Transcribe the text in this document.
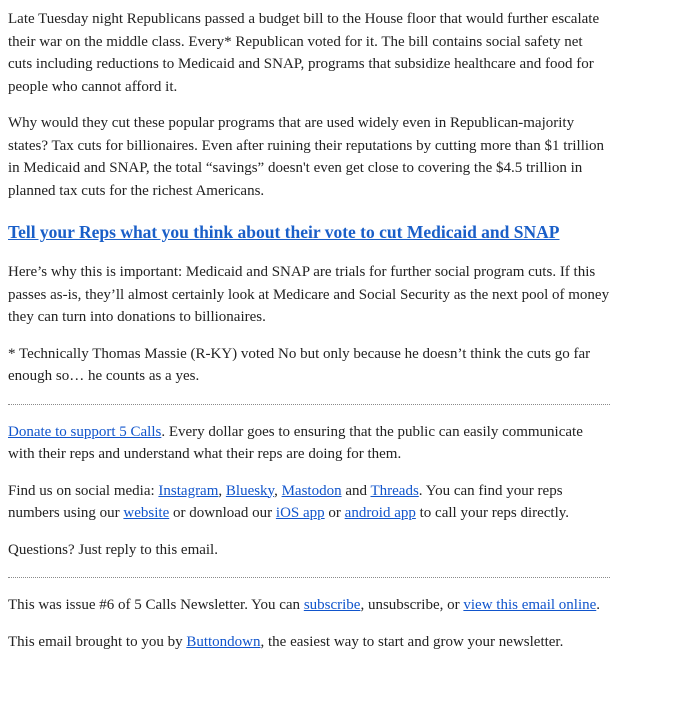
Late Tuesday night Republicans passed a budget bill to the House floor that would further escalate their war on the middle class. Every* Republican voted for it. The bill contains social safety net cuts including reductions to Medicaid and SNAP, programs that subsidize healthcare and food for people who cannot afford it.

Why would they cut these popular programs that are used widely even in Republican-majority states? Tax cuts for billionaires. Even after ruining their reputations by cutting more than $1 trillion in Medicaid and SNAP, the total “savings” doesn't even get close to covering the $4.5 trillion in planned tax cuts for the richest Americans.

Tell your Reps what you think about their vote to cut Medicaid and SNAP

Here’s why this is important: Medicaid and SNAP are trials for further social program cuts. If this passes as-is, they’ll almost certainly look at Medicare and Social Security as the next pool of money they can turn into donations to billionaires.

* Technically Thomas Massie (R-KY) voted No but only because he doesn’t think the cuts go far enough so… he counts as a yes.

Donate to support 5 Calls. Every dollar goes to ensuring that the public can easily communicate with their reps and understand what their reps are doing for them.

Find us on social media: Instagram, Bluesky, Mastodon and Threads. You can find your reps numbers using our website or download our iOS app or android app to call your reps directly.

Questions? Just reply to this email.

This was issue #6 of 5 Calls Newsletter. You can subscribe, unsubscribe, or view this email online.

This email brought to you by Buttondown, the easiest way to start and grow your newsletter.
